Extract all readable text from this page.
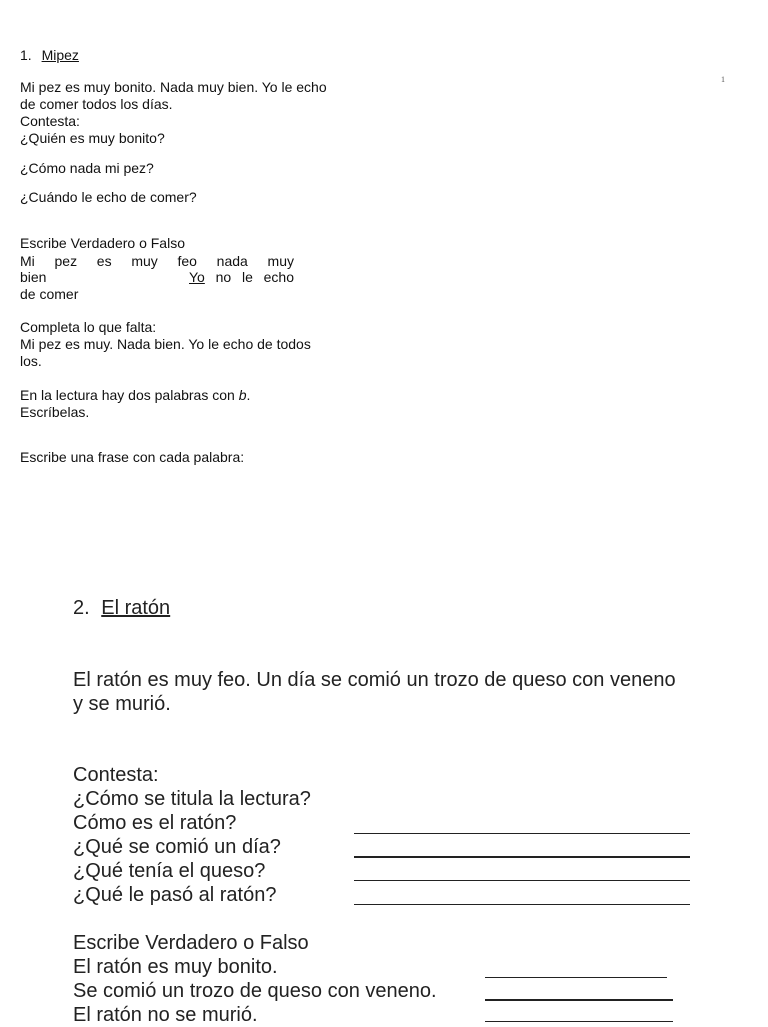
1. Mipez
Mi pez es muy bonito. Nada muy bien. Yo le echo
de comer todos los días.
Contesta:
¿Quién es muy bonito?
¿Cómo nada mi pez?
¿Cuándo le echo de comer?
Escribe Verdadero o Falso
Mi pez es muy feo nada muy
bien	Yo no le echo
de comer
Completa lo que falta:
Mi pez es muy. Nada bien. Yo le echo de todos
los.
En la lectura hay dos palabras con b.
Escríbelas.
Escribe una frase con cada palabra:
1
2. El ratón
El ratón es muy feo. Un día se comió un trozo de queso con veneno
y se murió.
Contesta:
¿Cómo se titula la lectura?
Cómo es el ratón?
¿Qué se comió un día?
¿Qué tenía el queso?
¿Qué le pasó al ratón?
Escribe Verdadero o Falso
El ratón es muy bonito.
Se comió un trozo de queso con veneno.
El ratón no se murió.
